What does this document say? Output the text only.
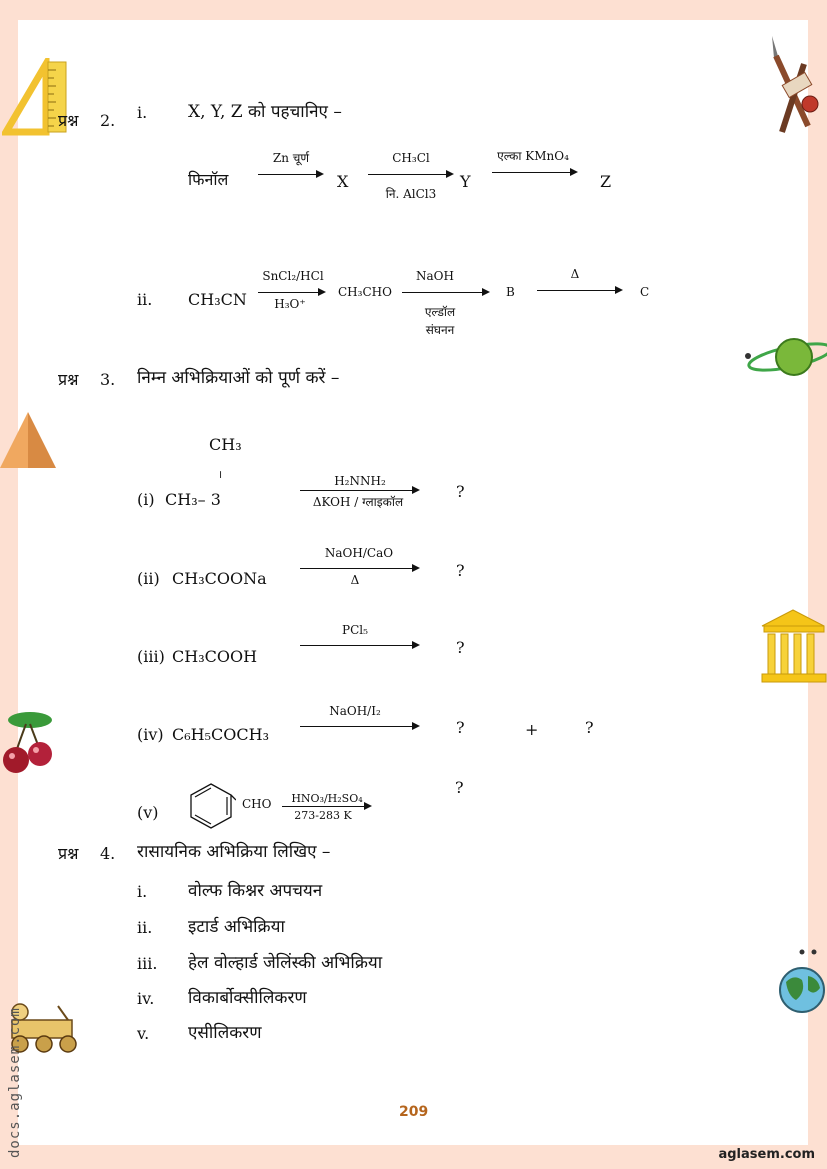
प्रश्न 2. i. X, Y, Z को पहचानिए –
फिनॉल
Zn चूर्ण
X
CH₃Cl
नि. AlCl3
Y
एल्का KMnO₄
Z
ii. CH₃CN
SnCl₂/HCl
H₃O⁺
CH₃CHO
NaOH
एल्डॉल
संघनन
B
Δ
C
प्रश्न 3. निम्न अभिक्रियाओं को पूर्ण करें –
CH₃
।
(i) CH₃– 3
H₂NNH₂
ΔKOH / ग्लाइकॉल
?
(ii) CH₃COONa
NaOH/CaO
Δ	?
(iii) CH₃COOH
PCl₅
?
(iv) C₆H₅COCH₃
NaOH/I₂
?	+	?
(v)	CHO	HNO₃/H₂SO₄
273-283 K
?
प्रश्न 4. रासायनिक अभिक्रिया लिखिए –
i. वोल्फ किश्नर अपचयन
ii. इटार्ड अभिक्रिया
iii. हेल वोल्हार्ड जेलिंस्की अभिक्रिया
iv. विकार्बोक्सीलिकरण
v. एसीलिकरण
209
aglasem.com
docs.aglasem.com
